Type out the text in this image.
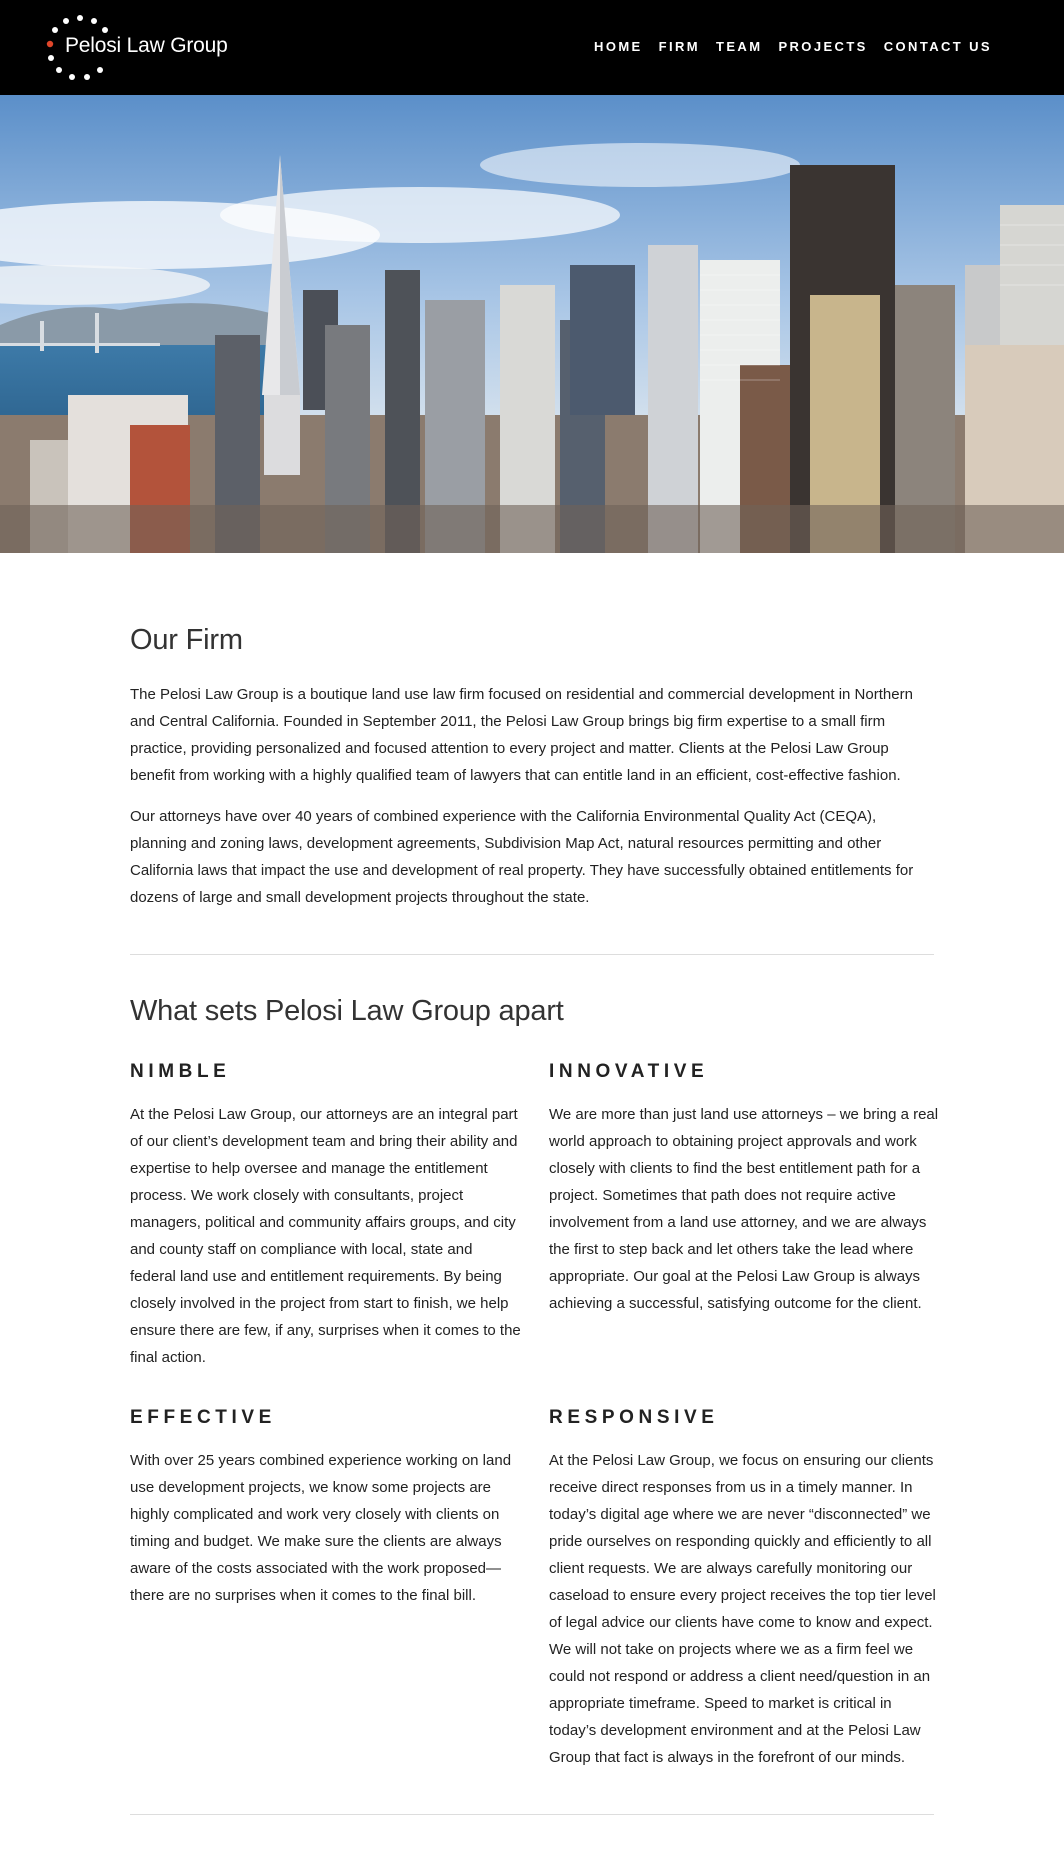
Pelosi Law Group	HOME FIRM TEAM PROJECTS CONTACT US
Our Firm

The Pelosi Law Group is a boutique land use law firm focused on residential and commercial development in Northern and Central California. Founded in September 2011, the Pelosi Law Group brings big firm expertise to a small firm practice, providing personalized and focused attention to every project and matter. Clients at the Pelosi Law Group benefit from working with a highly qualified team of lawyers that can entitle land in an efficient, cost-effective fashion.

Our attorneys have over 40 years of combined experience with the California Environmental Quality Act (CEQA), planning and zoning laws, development agreements, Subdivision Map Act, natural resources permitting and other California laws that impact the use and development of real property. They have successfully obtained entitlements for dozens of large and small development projects throughout the state.

What sets Pelosi Law Group apart
NIMBLE

At the Pelosi Law Group, our attorneys are an integral part of our client’s development team and bring their ability and expertise to help oversee and manage the entitlement process. We work closely with consultants, project managers, political and community affairs groups, and city and county staff on compliance with local, state and federal land use and entitlement requirements. By being closely involved in the project from start to finish, we help ensure there are few, if any, surprises when it comes to the final action.

INNOVATIVE

We are more than just land use attorneys – we bring a real world approach to obtaining project approvals and work closely with clients to find the best entitlement path for a project. Sometimes that path does not require active involvement from a land use attorney, and we are always the first to step back and let others take the lead where appropriate. Our goal at the Pelosi Law Group is always achieving a successful, satisfying outcome for the client.

EFFECTIVE

With over 25 years combined experience working on land use development projects, we know some projects are highly complicated and work very closely with clients on timing and budget. We make sure the clients are always aware of the costs associated with the work proposed—there are no surprises when it comes to the final bill.

RESPONSIVE

At the Pelosi Law Group, we focus on ensuring our clients receive direct responses from us in a timely manner. In today’s digital age where we are never “disconnected” we pride ourselves on responding quickly and efficiently to all client requests. We are always carefully monitoring our caseload to ensure every project receives the top tier level of legal advice our clients have come to know and expect. We will not take on projects where we as a firm feel we could not respond or address a client need/question in an appropriate timeframe. Speed to market is critical in today’s development environment and at the Pelosi Law Group that fact is always in the forefront of our minds.
